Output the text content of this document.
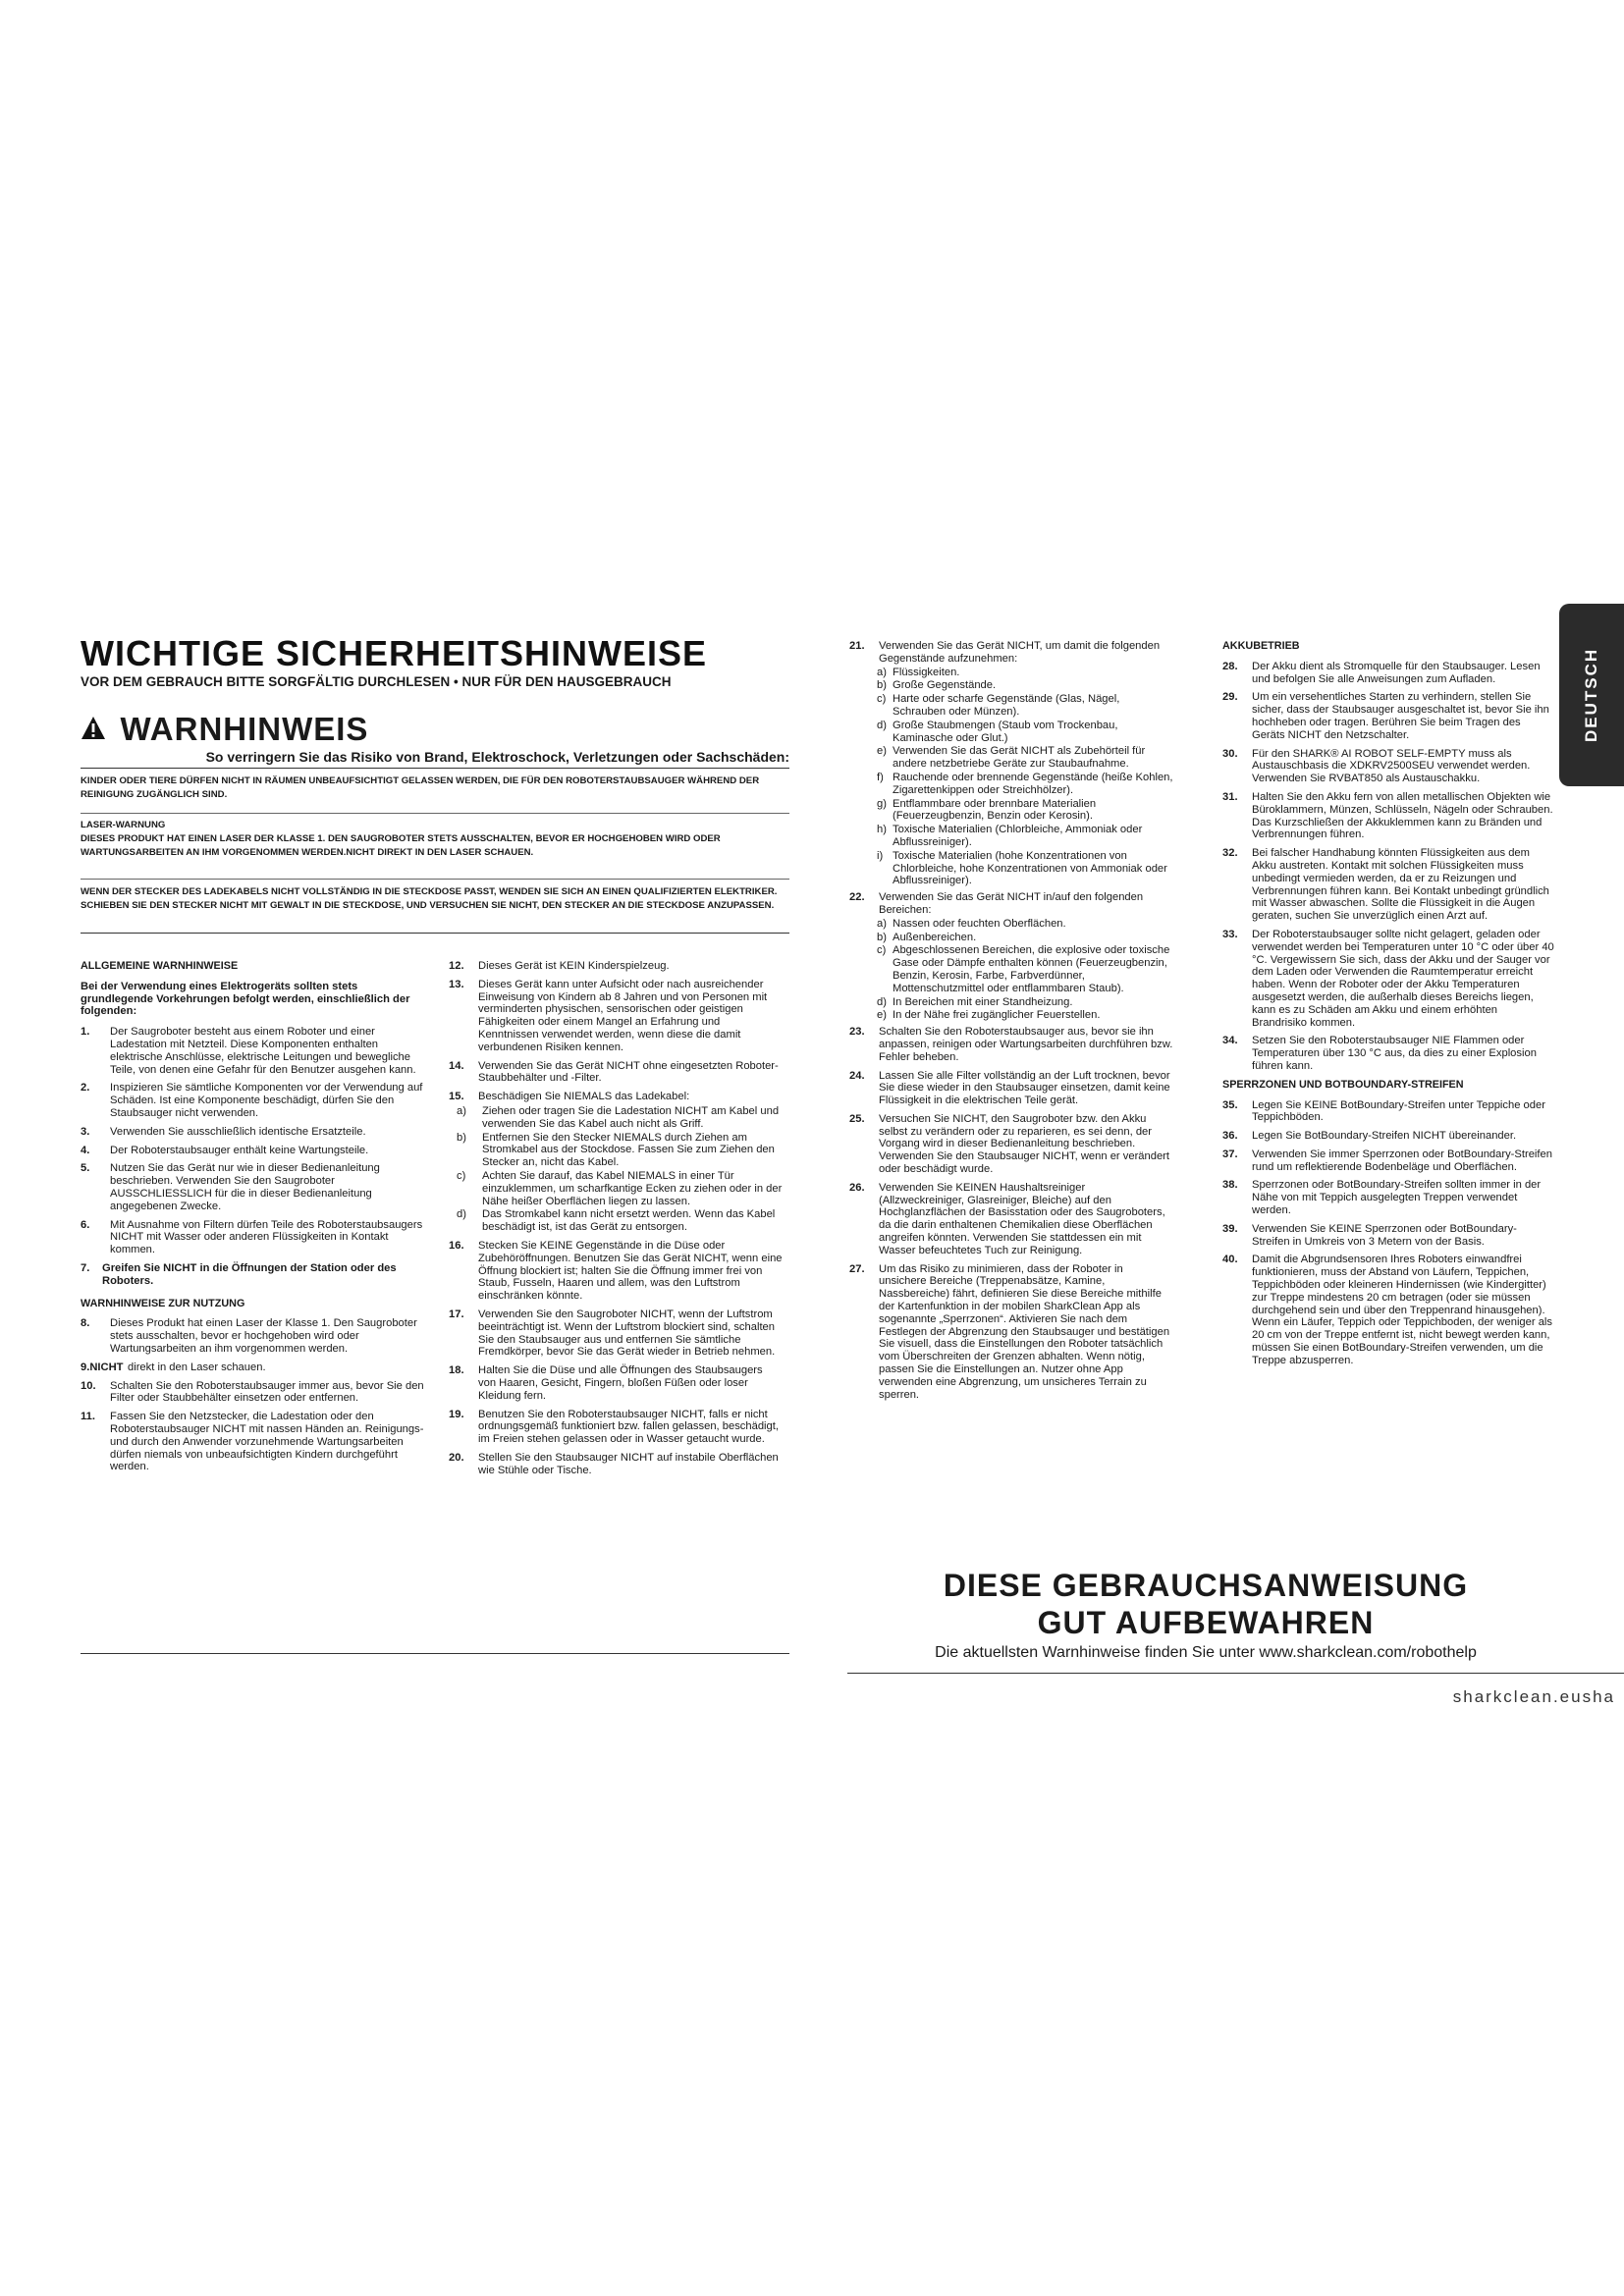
WICHTIGE SICHERHEITSHINWEISE

VOR DEM GEBRAUCH BITTE SORGFÄLTIG DURCHLESEN • NUR FÜR DEN HAUSGEBRAUCH

WARNHINWEIS
So verringern Sie das Risiko von Brand, Elektroschock, Verletzungen oder Sachschäden:
KINDER ODER TIERE DÜRFEN NICHT IN RÄUMEN UNBEAUFSICHTIGT GELASSEN WERDEN, DIE FÜR DEN ROBOTERSTAUBSAUGER WÄHREND DER REINIGUNG ZUGÄNGLICH SIND.
LASER-WARNUNG
DIESES PRODUKT HAT EINEN LASER DER KLASSE 1. DEN SAUGROBOTER STETS AUSSCHALTEN, BEVOR ER HOCHGEHOBEN WIRD ODER WARTUNGSARBEITEN AN IHM VORGENOMMEN WERDEN.NICHT DIREKT IN DEN LASER SCHAUEN.
WENN DER STECKER DES LADEKABELS NICHT VOLLSTÄNDIG IN DIE STECKDOSE PASST, WENDEN SIE SICH AN EINEN QUALIFIZIERTEN ELEKTRIKER. SCHIEBEN SIE DEN STECKER NICHT MIT GEWALT IN DIE STECKDOSE, UND VERSUCHEN SIE NICHT, DEN STECKER AN DIE STECKDOSE ANZUPASSEN.

ALLGEMEINE WARNHINWEISE

Bei der Verwendung eines Elektrogeräts sollten stets grundlegende Vorkehrungen befolgt werden, einschließlich der folgenden:

1.	Der Saugroboter besteht aus einem Roboter und einer Ladestation mit Netzteil. Diese Komponenten enthalten elektrische Anschlüsse, elektrische Leitungen und bewegliche Teile, von denen eine Gefahr für den Benutzer ausgehen kann.
2.	Inspizieren Sie sämtliche Komponenten vor der Verwendung auf Schäden. Ist eine Komponente beschädigt, dürfen Sie den Staubsauger nicht verwenden.
3.	Verwenden Sie ausschließlich identische Ersatzteile.
4.	Der Roboterstaubsauger enthält keine Wartungsteile.
5.	Nutzen Sie das Gerät nur wie in dieser Bedienanleitung beschrieben. Verwenden Sie den Saugroboter AUSSCHLIESSLICH für die in dieser Bedienanleitung angegebenen Zwecke.
6.	Mit Ausnahme von Filtern dürfen Teile des Roboterstaubsaugers NICHT mit Wasser oder anderen Flüssigkeiten in Kontakt kommen.
7.	Greifen Sie NICHT in die Öffnungen der Station oder des Roboters.

WARNHINWEISE ZUR NUTZUNG

8.	Dieses Produkt hat einen Laser der Klasse 1. Den Saugroboter stets ausschalten, bevor er hochgehoben wird oder Wartungsarbeiten an ihm vorgenommen werden.
9.NICHT direkt in den Laser schauen.
10.	Schalten Sie den Roboterstaubsauger immer aus, bevor Sie den Filter oder Staubbehälter einsetzen oder entfernen.
11.	Fassen Sie den Netzstecker, die Ladestation oder den Roboterstaubsauger NICHT mit nassen Händen an. Reinigungs- und durch den Anwender vorzunehmende Wartungsarbeiten dürfen niemals von unbeaufsichtigten Kindern durchgeführt werden.
12.	Dieses Gerät ist KEIN Kinderspielzeug.
13.	Dieses Gerät kann unter Aufsicht oder nach ausreichender Einweisung von Kindern ab 8 Jahren und von Personen mit verminderten physischen, sensorischen oder geistigen Fähigkeiten oder einem Mangel an Erfahrung und Kenntnissen verwendet werden, wenn diese die damit verbundenen Risiken kennen.
14.	Verwenden Sie das Gerät NICHT ohne eingesetzten Roboter-Staubbehälter und -Filter.
15.	Beschädigen Sie NIEMALS das Ladekabel:
a)	Ziehen oder tragen Sie die Ladestation NICHT am Kabel und verwenden Sie das Kabel auch nicht als Griff.
b)	Entfernen Sie den Stecker NIEMALS durch Ziehen am Stromkabel aus der Stockdose. Fassen Sie zum Ziehen den Stecker an, nicht das Kabel.
c)	Achten Sie darauf, das Kabel NIEMALS in einer Tür einzuklemmen, um scharfkantige Ecken zu ziehen oder in der Nähe heißer Oberflächen liegen zu lassen.
d)	Das Stromkabel kann nicht ersetzt werden. Wenn das Kabel beschädigt ist, ist das Gerät zu entsorgen.
16.	Stecken Sie KEINE Gegenstände in die Düse oder Zubehöröffnungen. Benutzen Sie das Gerät NICHT, wenn eine Öffnung blockiert ist; halten Sie die Öffnung immer frei von Staub, Fusseln, Haaren und allem, was den Luftstrom einschränken könnte.
17.	Verwenden Sie den Saugroboter NICHT, wenn der Luftstrom beeinträchtigt ist. Wenn der Luftstrom blockiert sind, schalten Sie den Staubsauger aus und entfernen Sie sämtliche Fremdkörper, bevor Sie das Gerät wieder in Betrieb nehmen.
18.	Halten Sie die Düse und alle Öffnungen des Staubsaugers von Haaren, Gesicht, Fingern, bloßen Füßen oder loser Kleidung fern.
19.	Benutzen Sie den Roboterstaubsauger NICHT, falls er nicht ordnungsgemäß funktioniert bzw. fallen gelassen, beschädigt, im Freien stehen gelassen oder in Wasser getaucht wurde.
20.	Stellen Sie den Staubsauger NICHT auf instabile Oberflächen wie Stühle oder Tische.
21.	Verwenden Sie das Gerät NICHT, um damit die folgenden Gegenstände aufzunehmen:
a) Flüssigkeiten.
b) Große Gegenstände.
c) Harte oder scharfe Gegenstände (Glas, Nägel, Schrauben oder Münzen).
d) Große Staubmengen (Staub vom Trockenbau, Kaminasche oder Glut.)
e) Verwenden Sie das Gerät NICHT als Zubehörteil für andere netzbetriebe Geräte zur Staubaufnahme.
f) Rauchende oder brennende Gegenstände (heiße Kohlen, Zigarettenkippen oder Streichhölzer).
g) Entflammbare oder brennbare Materialien (Feuerzeugbenzin, Benzin oder Kerosin).
h) Toxische Materialien (Chlorbleiche, Ammoniak oder Abflussreiniger).
i) Toxische Materialien (hohe Konzentrationen von Chlorbleiche, hohe Konzentrationen von Ammoniak oder Abflussreiniger).
22.	Verwenden Sie das Gerät NICHT in/auf den folgenden Bereichen:
a) Nassen oder feuchten Oberflächen.
b) Außenbereichen.
c) Abgeschlossenen Bereichen, die explosive oder toxische Gase oder Dämpfe enthalten können (Feuerzeugbenzin, Benzin, Kerosin, Farbe, Farbverdünner, Mottenschutzmittel oder entflammbaren Staub).
d) In Bereichen mit einer Standheizung.
e) In der Nähe frei zugänglicher Feuerstellen.
23.	Schalten Sie den Roboterstaubsauger aus, bevor sie ihn anpassen, reinigen oder Wartungsarbeiten durchführen bzw. Fehler beheben.
24.	Lassen Sie alle Filter vollständig an der Luft trocknen, bevor Sie diese wieder in den Staubsauger einsetzen, damit keine Flüssigkeit in die elektrischen Teile gerät.
25.	Versuchen Sie NICHT, den Saugroboter bzw. den Akku selbst zu verändern oder zu reparieren, es sei denn, der Vorgang wird in dieser Bedienanleitung beschrieben. Verwenden Sie den Staubsauger NICHT, wenn er verändert oder beschädigt wurde.
26.	Verwenden Sie KEINEN Haushaltsreiniger (Allzweckreiniger, Glasreiniger, Bleiche) auf den Hochglanzflächen der Basisstation oder des Saugroboters, da die darin enthaltenen Chemikalien diese Oberflächen angreifen könnten. Verwenden Sie stattdessen ein mit Wasser befeuchtetes Tuch zur Reinigung.
27.	Um das Risiko zu minimieren, dass der Roboter in unsichere Bereiche (Treppenabsätze, Kamine, Nassbereiche) fährt, definieren Sie diese Bereiche mithilfe der Kartenfunktion in der mobilen SharkClean App als sogenannte „Sperrzonen“. Aktivieren Sie nach dem Festlegen der Abgrenzung den Staubsauger und bestätigen Sie visuell, dass die Einstellungen den Roboter tatsächlich vom Überschreiten der Grenzen abhalten. Wenn nötig, passen Sie die Einstellungen an. Nutzer ohne App verwenden eine Abgrenzung, um unsicheres Terrain zu sperren.

AKKUBETRIEB

28.	Der Akku dient als Stromquelle für den Staubsauger. Lesen und befolgen Sie alle Anweisungen zum Aufladen.
29.	Um ein versehentliches Starten zu verhindern, stellen Sie sicher, dass der Staubsauger ausgeschaltet ist, bevor Sie ihn hochheben oder tragen. Berühren Sie beim Tragen des Geräts NICHT den Netzschalter.
30.	Für den SHARK® AI ROBOT SELF-EMPTY muss als Austauschbasis die XDKRV2500SEU verwendet werden. Verwenden Sie RVBAT850 als Austauschakku.
31.	Halten Sie den Akku fern von allen metallischen Objekten wie Büroklammern, Münzen, Schlüsseln, Nägeln oder Schrauben. Das Kurzschließen der Akkuklemmen kann zu Bränden und Verbrennungen führen.
32.	Bei falscher Handhabung könnten Flüssigkeiten aus dem Akku austreten. Kontakt mit solchen Flüssigkeiten muss unbedingt vermieden werden, da er zu Reizungen und Verbrennungen führen kann. Bei Kontakt unbedingt gründlich mit Wasser abwaschen. Sollte die Flüssigkeit in die Augen geraten, suchen Sie unverzüglich einen Arzt auf.
33.	Der Roboterstaubsauger sollte nicht gelagert, geladen oder verwendet werden bei Temperaturen unter 10 °C oder über 40 °C. Vergewissern Sie sich, dass der Akku und der Sauger vor dem Laden oder Verwenden die Raumtemperatur erreicht haben. Wenn der Roboter oder der Akku Temperaturen ausgesetzt werden, die außerhalb dieses Bereichs liegen, kann es zu Schäden am Akku und einem erhöhten Brandrisiko kommen.
34.	Setzen Sie den Roboterstaubsauger NIE Flammen oder Temperaturen über 130 °C aus, da dies zu einer Explosion führen kann.

SPERRZONEN UND BOTBOUNDARY-STREIFEN

35.	Legen Sie KEINE BotBoundary-Streifen unter Teppiche oder Teppichböden.
36.	Legen Sie BotBoundary-Streifen NICHT übereinander.
37.	Verwenden Sie immer Sperrzonen oder BotBoundary-Streifen rund um reflektierende Bodenbeläge und Oberflächen.
38.	Sperrzonen oder BotBoundary-Streifen sollten immer in der Nähe von mit Teppich ausgelegten Treppen verwendet werden.
39.	Verwenden Sie KEINE Sperrzonen oder BotBoundary-Streifen in Umkreis von 3 Metern von der Basis.
40.	Damit die Abgrundsensoren Ihres Roboters einwandfrei funktionieren, muss der Abstand von Läufern, Teppichen, Teppichböden oder kleineren Hindernissen (wie Kindergitter) zur Treppe mindestens 20 cm betragen (oder sie müssen durchgehend sein und über den Treppenrand hinausgehen). Wenn ein Läufer, Teppich oder Teppichboden, der weniger als 20 cm von der Treppe entfernt ist, nicht bewegt werden kann, müssen Sie einen BotBoundary-Streifen verwenden, um die Treppe abzusperren.
DEUTSCH
DIESE GEBRAUCHSANWEISUNG
GUT AUFBEWAHREN
Die aktuellsten Warnhinweise finden Sie unter www.sharkclean.com/robothelp
sharkclean.eusha
